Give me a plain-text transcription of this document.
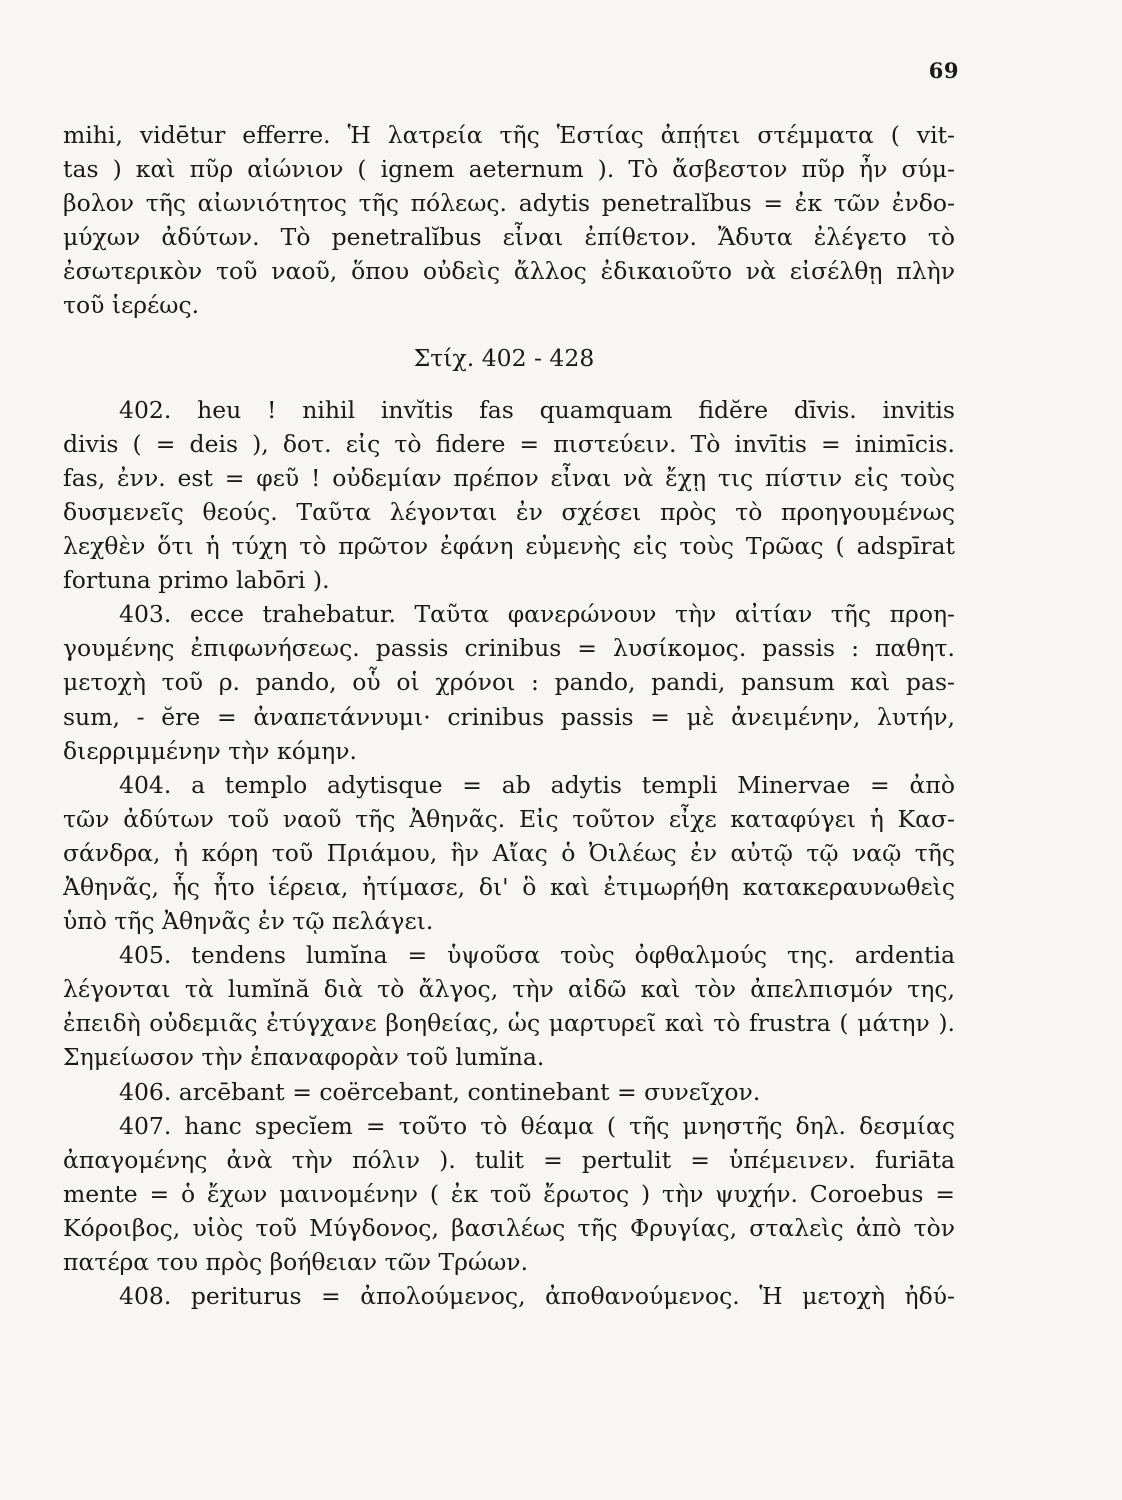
69
mihi, vidētur efferre. Ἡ λατρεία τῆς Ἑστίας ἀπῄτει στέμματα ( vit-
tas ) καὶ πῦρ αἰώνιον ( ignem aeternum ). Τὸ ἄσβεστον πῦρ ἦν σύμ-
βολον τῆς αἰωνιότητος τῆς πόλεως. adytis penetralĭbus = ἐκ τῶν ἐνδο-
μύχων ἀδύτων. Τὸ penetralĭbus εἶναι ἐπίθετον. Ἄδυτα ἐλέγετο τὸ
ἐσωτερικὸν τοῦ ναοῦ, ὅπου οὐδεὶς ἄλλος ἐδικαιοῦτο νὰ εἰσέλθῃ πλὴν
τοῦ ἱερέως.
Στίχ. 402 - 428
402. heu ! nihil invĭtis fas quamquam fidĕre dīvis. invitis
divis ( = deis ), δοτ. εἰς τὸ fidere = πιστεύειν. Τὸ invītis = inimīcis.
fas, ἐνν. est = φεῦ ! οὐδεμίαν πρέπον εἶναι νὰ ἔχῃ τις πίστιν εἰς τοὺς
δυσμενεῖς θεούς. Ταῦτα λέγονται ἐν σχέσει πρὸς τὸ προηγουμένως
λεχθὲν ὅτι ἡ τύχη τὸ πρῶτον ἐφάνη εὐμενὴς εἰς τοὺς Τρῶας ( adspīrat
fortuna primo labōri ).
403. ecce trahebatur. Ταῦτα φανερώνουν τὴν αἰτίαν τῆς προη-
γουμένης ἐπιφωνήσεως. passis crinibus = λυσίκομος. passis : παθητ.
μετοχὴ τοῦ ρ. pando, οὗ οἱ χρόνοι : pando, pandi, pansum καὶ pas-
sum, - ĕre = ἀναπετάννυμι· crinibus passis = μὲ ἀνειμένην, λυτήν,
διερριμμένην τὴν κόμην.
404. a templo adytisque = ab adytis templi Minervae = ἀπὸ
τῶν ἀδύτων τοῦ ναοῦ τῆς Ἀθηνᾶς. Εἰς τοῦτον εἶχε καταφύγει ἡ Κασ-
σάνδρα, ἡ κόρη τοῦ Πριάμου, ἣν Αἴας ὁ Ὀιλέως ἐν αὐτῷ τῷ ναῷ τῆς
Ἀθηνᾶς, ἧς ἦτο ἱέρεια, ἠτίμασε, δι' ὃ καὶ ἐτιμωρήθη κατακεραυνωθεὶς
ὑπὸ τῆς Ἀθηνᾶς ἐν τῷ πελάγει.
405. tendens lumĭna = ὑψοῦσα τοὺς ὀφθαλμούς της. ardentia
λέγονται τὰ lumĭnă διὰ τὸ ἄλγος, τὴν αἰδῶ καὶ τὸν ἀπελπισμόν της,
ἐπειδὴ οὐδεμιᾶς ἐτύγχανε βοηθείας, ὡς μαρτυρεῖ καὶ τὸ frustra ( μάτην ).
Σημείωσον τὴν ἐπαναφορὰν τοῦ lumĭna.
406. arcēbant = coërcebant, continebant = συνεῖχον.
407. hanc specĭem = τοῦτο τὸ θέαμα ( τῆς μνηστῆς δηλ. δεσμίας
ἀπαγομένης ἀνὰ τὴν πόλιν ). tulit = pertulit = ὑπέμεινεν. furiāta
mente = ὁ ἔχων μαινομένην ( ἐκ τοῦ ἔρωτος ) τὴν ψυχήν. Coroebus =
Κόροιβος, υἱὸς τοῦ Μύγδονος, βασιλέως τῆς Φρυγίας, σταλεὶς ἀπὸ τὸν
πατέρα του πρὸς βοήθειαν τῶν Τρώων.
408. periturus = ἀπολούμενος, ἀποθανούμενος. Ἡ μετοχὴ ἠδύ-
